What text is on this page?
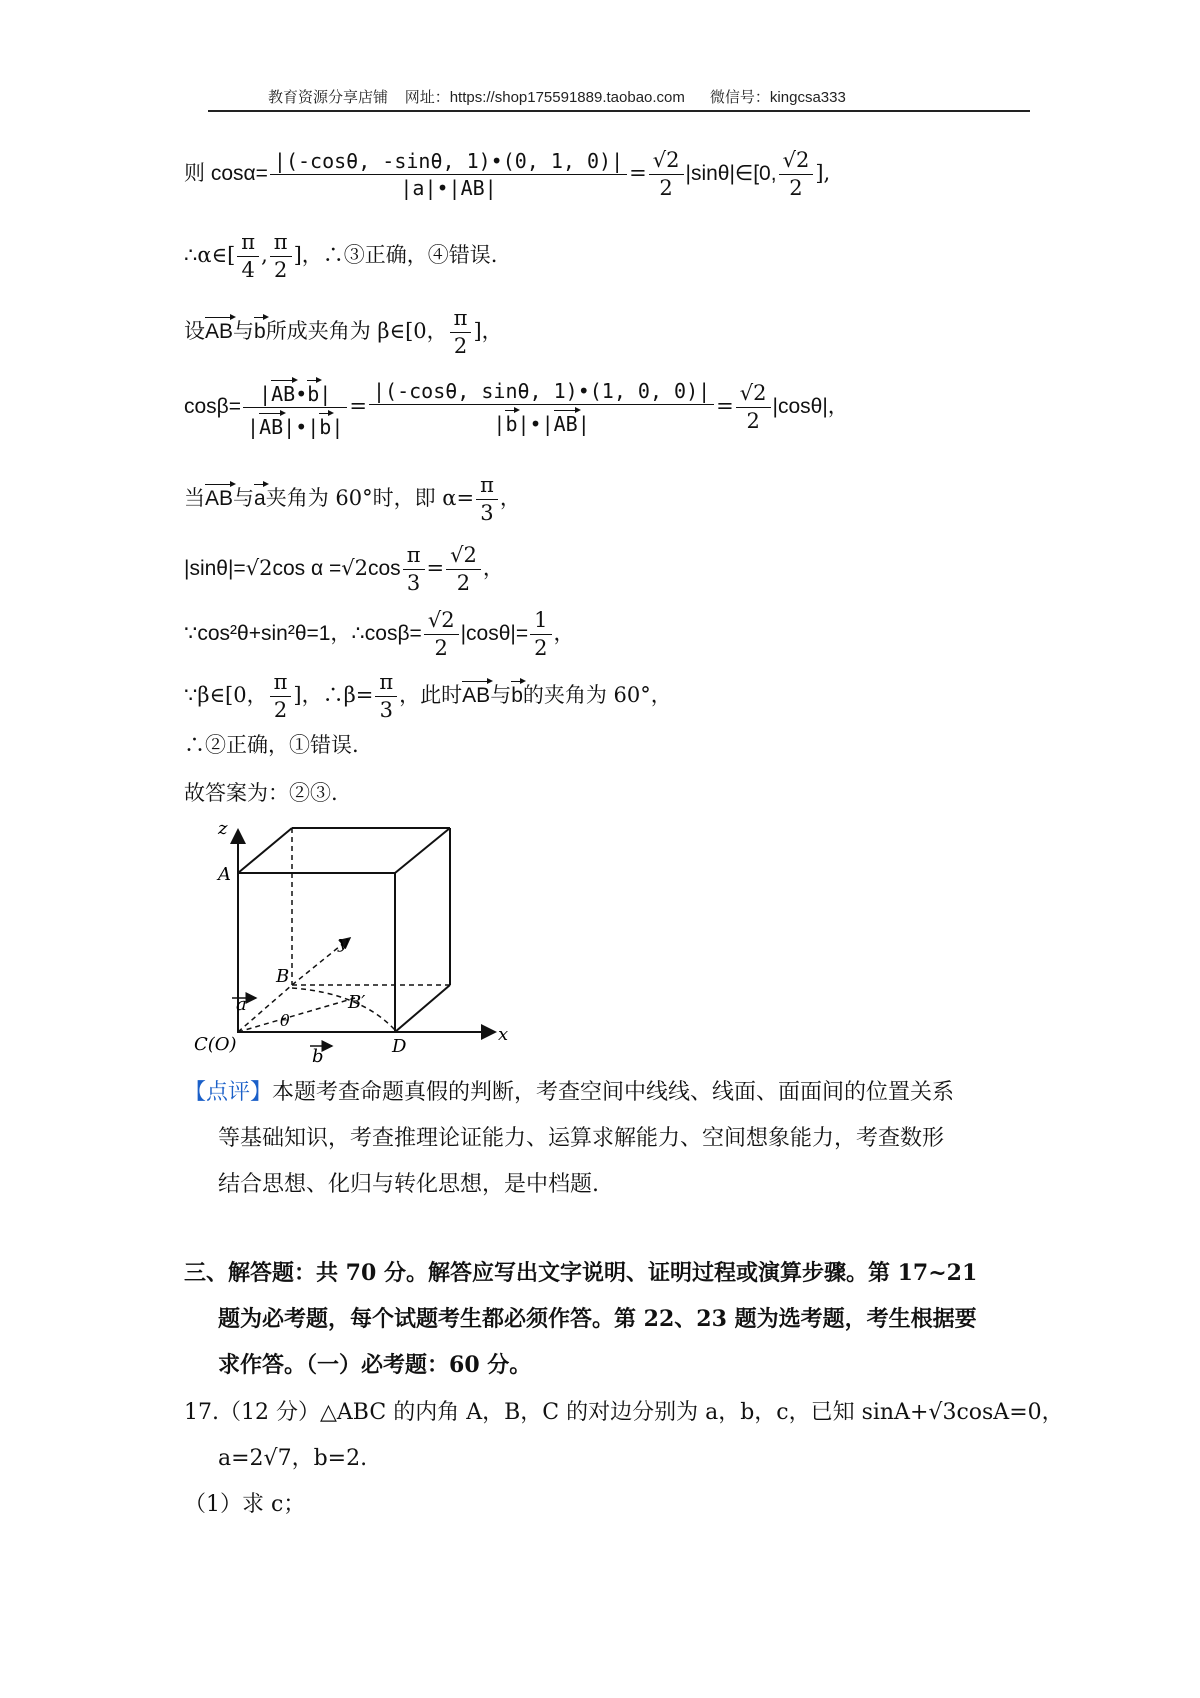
教育资源分享店铺 网址：https://shop175591889.taobao.com 微信号：kingcsa333
则 $\cos\alpha= \frac{|(-\cos\theta, -\sin\theta, 1)•(0, 1, 0)|}{|a|•|AB|} = \frac{√2}{2}$ |sinθ|∈[0, $\frac{√2}{2}$ ],
∴α∈[ $\frac{\pi}{4}$ , $\frac{\pi}{2}$ ]，∴③正确，④错误.
设AB与b所成夹角为 β∈[0， $\frac{\pi}{2}$ ]，
$\cos\beta= \frac{|AB•b|}{|AB|•|b|} = \frac{|(-\cos\theta, \sin\theta, 1)•(1, 0, 0)|}{|b|•|AB|} = \frac{√2}{2} |\cos\theta|$，
当AB与a夹角为 60°时，即 $\alpha= \frac{\pi}{3}$ ，
|sinθ|=√2cos $\alpha =√2\cos \frac{\pi}{3} = \frac{√2}{2}$ ，
∵cos²θ+sin²θ=1，∴cosβ= $\frac{√2}{2} |\cos\theta|= \frac{1}{2}$ ，
∵β∈[0， $\frac{\pi}{2}$ ]，∴β= $\frac{\pi}{3}$ ，此时AB与b的夹角为 60°，
∴②正确，①错误.
故答案为：②③.
z
A
y
B
B′
a
θ
C(O)
b	D
x
【点评】本题考查命题真假的判断，考查空间中线线、线面、面面间的位置关系
等基础知识，考查推理论证能力、运算求解能力、空间想象能力，考查数形
结合思想、化归与转化思想，是中档题.
三、解答题：共 70 分。解答应写出文字说明、证明过程或演算步骤。第 17~21
题为必考题，每个试题考生都必须作答。第 22、23 题为选考题，考生根据要
求作答。（一）必考题：60 分。
17.（12 分）△ABC 的内角 A，B，C 的对边分别为 a，b，c，已知 sinA+√3cosA=0，
a=2√7，b=2.
（1）求 c；
